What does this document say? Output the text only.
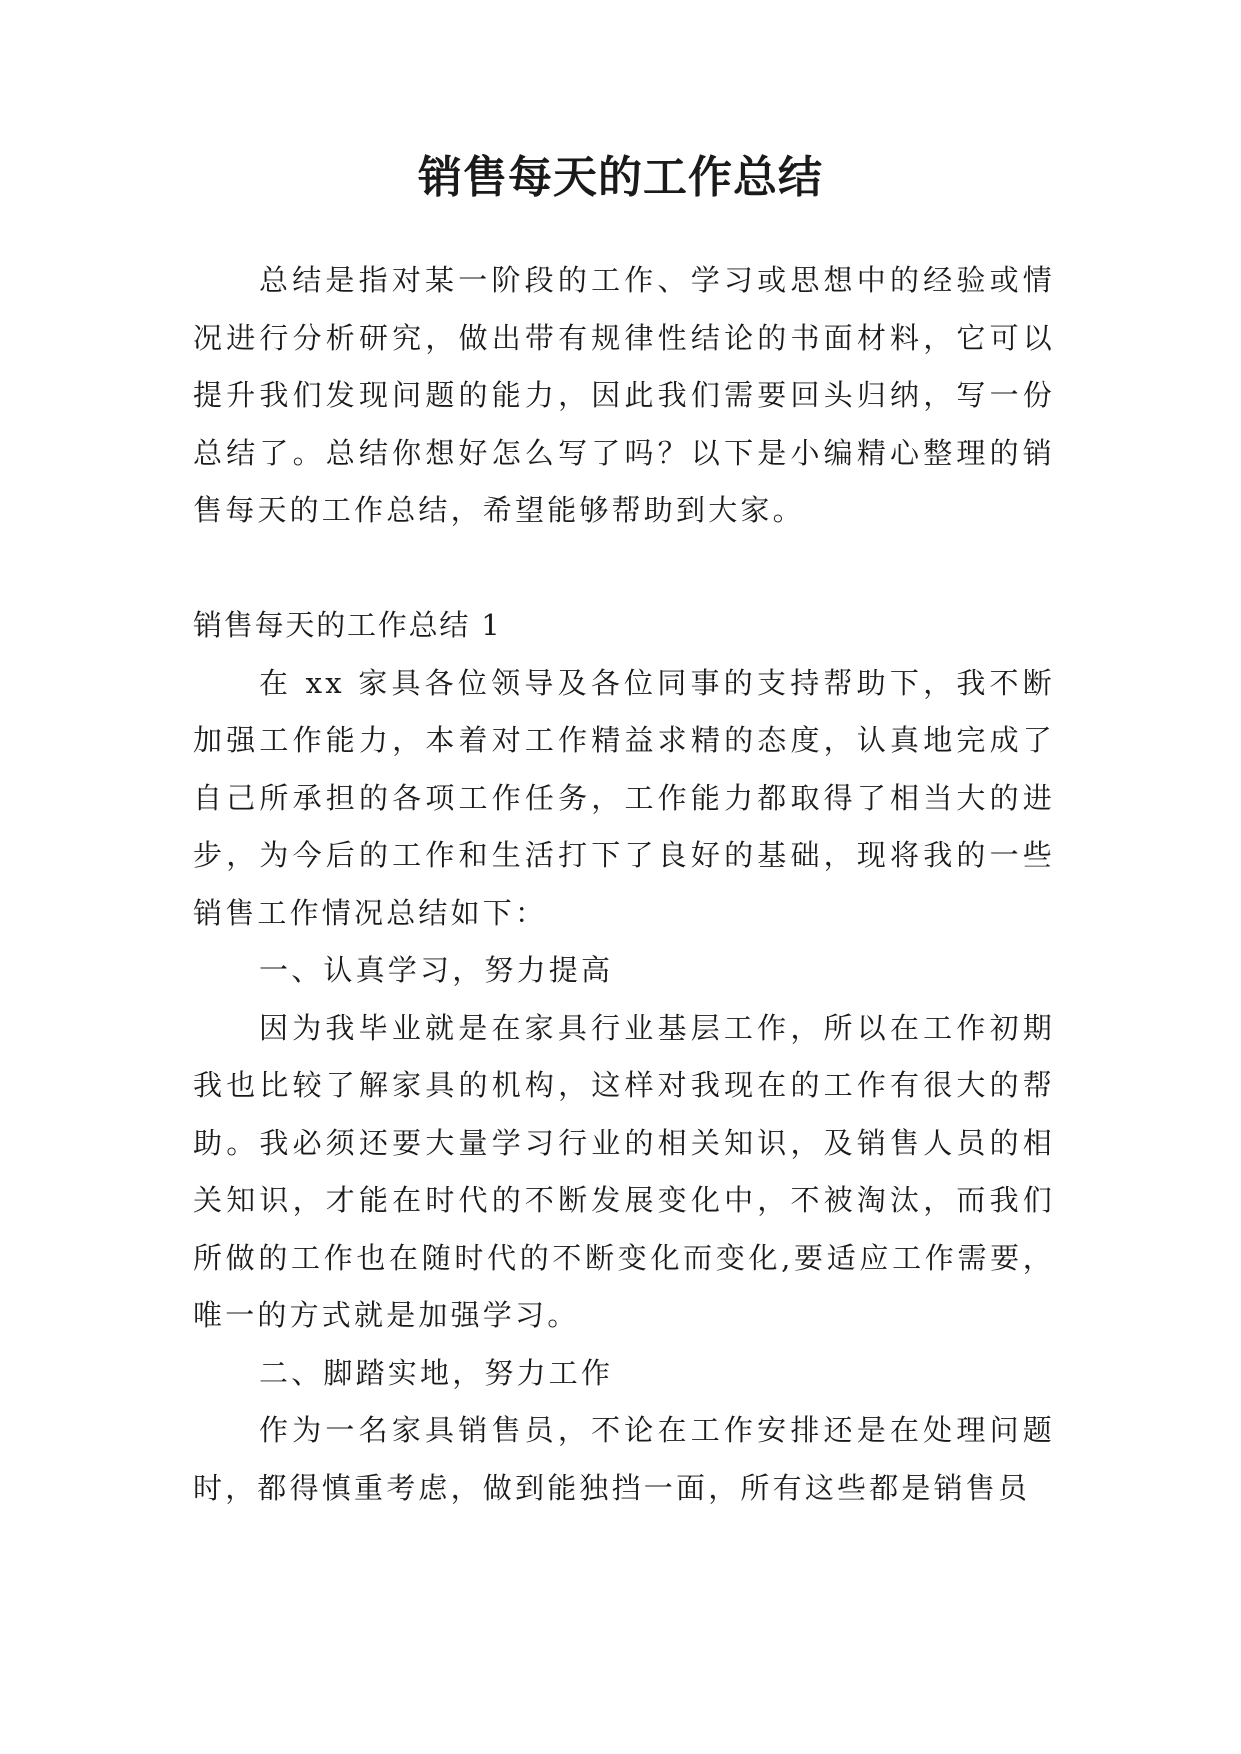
销售每天的工作总结

总结是指对某一阶段的工作、学习或思想中的经验或情况进行分析研究，做出带有规律性结论的书面材料，它可以提升我们发现问题的能力，因此我们需要回头归纳，写一份总结了。总结你想好怎么写了吗？以下是小编精心整理的销售每天的工作总结，希望能够帮助到大家。

销售每天的工作总结 1

在 xx 家具各位领导及各位同事的支持帮助下，我不断加强工作能力，本着对工作精益求精的态度，认真地完成了自己所承担的各项工作任务，工作能力都取得了相当大的进步，为今后的工作和生活打下了良好的基础，现将我的一些销售工作情况总结如下：

一、认真学习，努力提高

因为我毕业就是在家具行业基层工作，所以在工作初期我也比较了解家具的机构，这样对我现在的工作有很大的帮助。我必须还要大量学习行业的相关知识，及销售人员的相关知识，才能在时代的不断发展变化中，不被淘汰，而我们所做的工作也在随时代的不断变化而变化,要适应工作需要，唯一的方式就是加强学习。

二、脚踏实地，努力工作

作为一名家具销售员，不论在工作安排还是在处理问题时，都得慎重考虑，做到能独挡一面，所有这些都是销售员
